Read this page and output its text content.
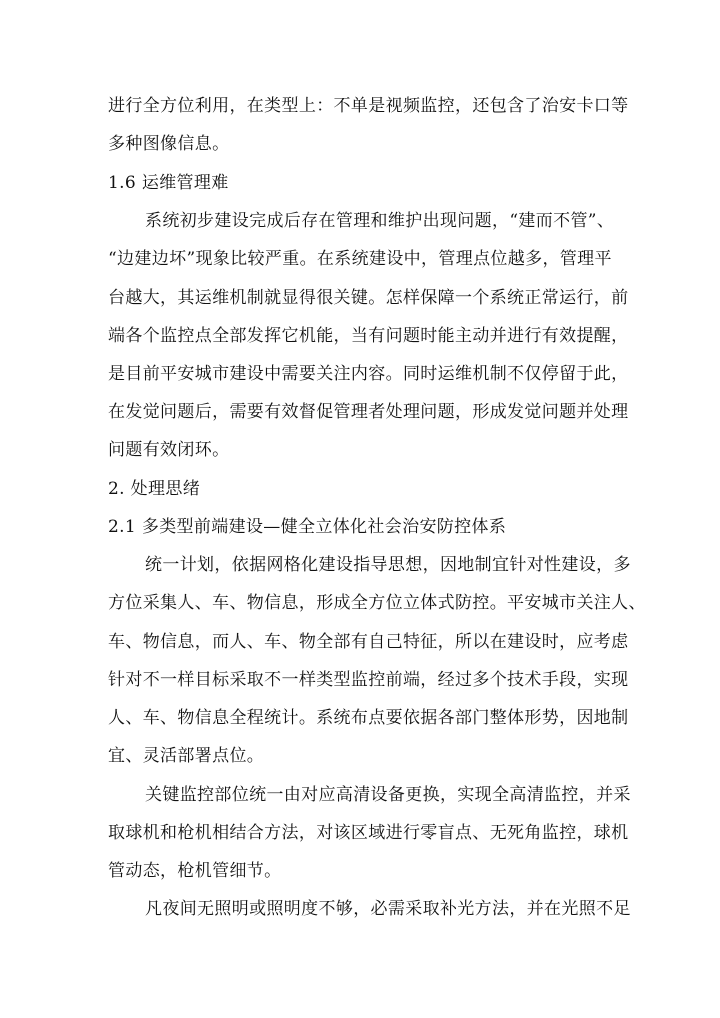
进行全方位利用，在类型上：不单是视频监控，还包含了治安卡口等
多种图像信息。
1.6 运维管理难
系统初步建设完成后存在管理和维护出现问题，“建而不管”、
“边建边坏”现象比较严重。在系统建设中，管理点位越多，管理平
台越大，其运维机制就显得很关键。怎样保障一个系统正常运行，前
端各个监控点全部发挥它机能，当有问题时能主动并进行有效提醒，
是目前平安城市建设中需要关注内容。同时运维机制不仅停留于此，
在发觉问题后，需要有效督促管理者处理问题，形成发觉问题并处理
问题有效闭环。
2. 处理思绪
2.1 多类型前端建设—健全立体化社会治安防控体系
统一计划，依据网格化建设指导思想，因地制宜针对性建设，多
方位采集人、车、物信息，形成全方位立体式防控。平安城市关注人、
车、物信息，而人、车、物全部有自己特征，所以在建设时，应考虑
针对不一样目标采取不一样类型监控前端，经过多个技术手段，实现
人、车、物信息全程统计。系统布点要依据各部门整体形势，因地制
宜、灵活部署点位。
关键监控部位统一由对应高清设备更换，实现全高清监控，并采
取球机和枪机相结合方法，对该区域进行零盲点、无死角监控，球机
管动态，枪机管细节。
凡夜间无照明或照明度不够，必需采取补光方法，并在光照不足
